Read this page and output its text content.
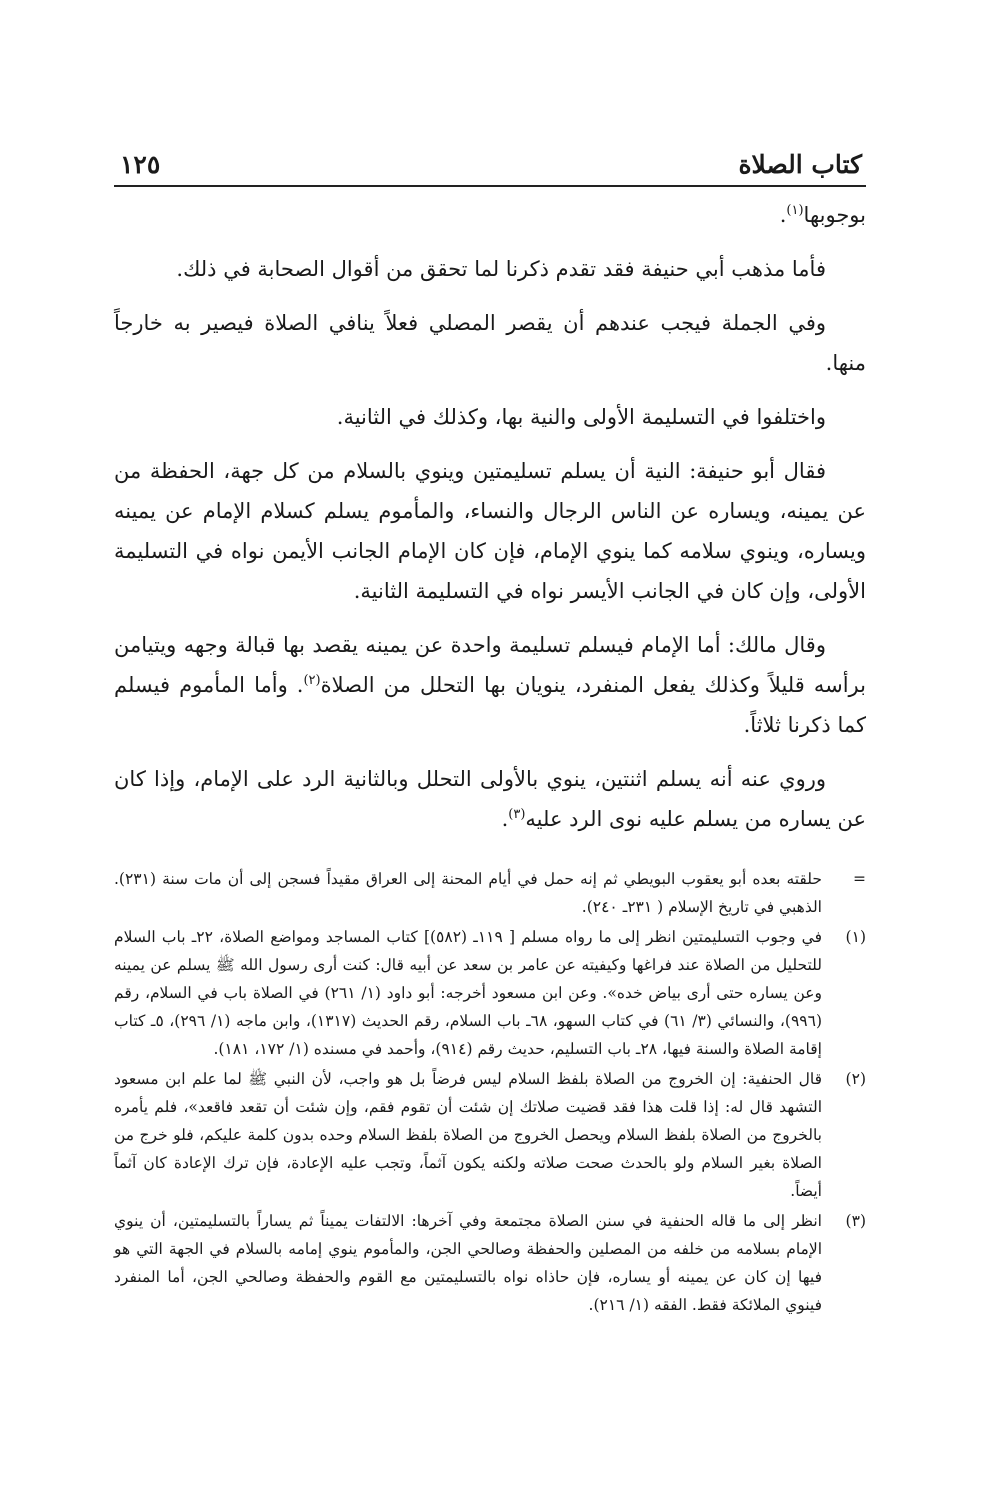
كتاب الصلاة
١٢٥

بوجوبها$^{(١)}$.

فأما مذهب أبي حنيفة فقد تقدم ذكرنا لما تحقق من أقوال الصحابة في ذلك.

وفي الجملة فيجب عندهم أن يقصر المصلي فعلاً ينافي الصلاة فيصير به خارجاً منها.

واختلفوا في التسليمة الأولى والنية بها، وكذلك في الثانية.

فقال أبو حنيفة: النية أن يسلم تسليمتين وينوي بالسلام من كل جهة، الحفظة من عن يمينه، ويساره عن الناس الرجال والنساء، والمأموم يسلم كسلام الإمام عن يمينه ويساره، وينوي سلامه كما ينوي الإمام، فإن كان الإمام الجانب الأيمن نواه في التسليمة الأولى، وإن كان في الجانب الأيسر نواه في التسليمة الثانية.

وقال مالك: أما الإمام فيسلم تسليمة واحدة عن يمينه يقصد بها قبالة وجهه ويتيامن برأسه قليلاً وكذلك يفعل المنفرد، ينويان بها التحلل من الصلاة$^{(٢)}$. وأما المأموم فيسلم كما ذكرنا ثلاثاً.

وروي عنه أنه يسلم اثنتين، ينوي بالأولى التحلل وبالثانية الرد على الإمام، وإذا كان عن يساره من يسلم عليه نوى الرد عليه$^{(٣)}$.

=
حلقته بعده أبو يعقوب البويطي ثم إنه حمل في أيام المحنة إلى العراق مقيداً فسجن إلى أن مات سنة (٢٣١). الذهبي في تاريخ الإسلام ( ٢٣١ـ ٢٤٠).
(١)
في وجوب التسليمتين انظر إلى ما رواه مسلم [ ١١٩ـ (٥٨٢)] كتاب المساجد ومواضع الصلاة، ٢٢ـ باب السلام للتحليل من الصلاة عند فراغها وكيفيته عن عامر بن سعد عن أبيه قال: كنت أرى رسول الله ﷺ يسلم عن يمينه وعن يساره حتى أرى بياض خده». وعن ابن مسعود أخرجه: أبو داود (١/ ٢٦١) في الصلاة باب في السلام، رقم (٩٩٦)، والنسائي (٣/ ٦١) في كتاب السهو، ٦٨ـ باب السلام، رقم الحديث (١٣١٧)، وابن ماجه (١/ ٢٩٦)، ٥ـ كتاب إقامة الصلاة والسنة فيها، ٢٨ـ باب التسليم، حديث رقم (٩١٤)، وأحمد في مسنده (١/ ١٧٢، ١٨١).
(٢)
قال الحنفية: إن الخروج من الصلاة بلفظ السلام ليس فرضاً بل هو واجب، لأن النبي ﷺ لما علم ابن مسعود التشهد قال له: إذا قلت هذا فقد قضيت صلاتك إن شئت أن تقوم فقم، وإن شئت أن تقعد فاقعد»، فلم يأمره بالخروج من الصلاة بلفظ السلام ويحصل الخروج من الصلاة بلفظ السلام وحده بدون كلمة عليكم، فلو خرج من الصلاة بغير السلام ولو بالحدث صحت صلاته ولكنه يكون آثماً، وتجب عليه الإعادة، فإن ترك الإعادة كان آثماً أيضاً.
(٣)
انظر إلى ما قاله الحنفية في سنن الصلاة مجتمعة وفي آخرها: الالتفات يميناً ثم يساراً بالتسليمتين، أن ينوي الإمام بسلامه من خلفه من المصلين والحفظة وصالحي الجن، والمأموم ينوي إمامه بالسلام في الجهة التي هو فيها إن كان عن يمينه أو يساره، فإن حاذاه نواه بالتسليمتين مع القوم والحفظة وصالحي الجن، أما المنفرد فينوي الملائكة فقط. الفقه (١/ ٢١٦).
